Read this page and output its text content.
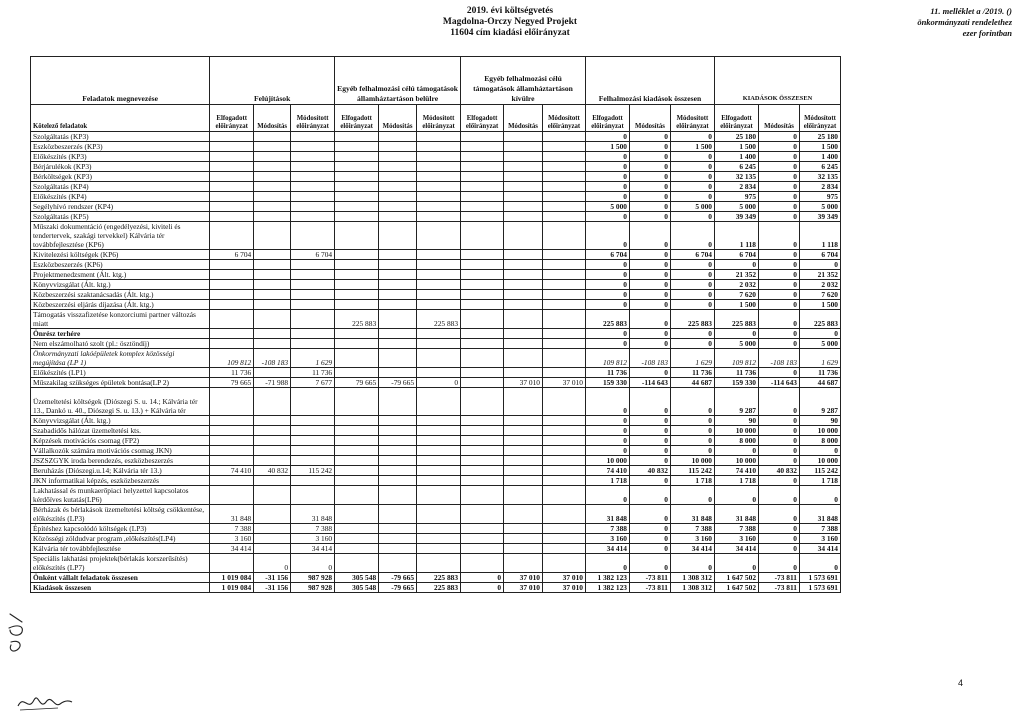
2019. évi költségvetés
Magdolna-Orczy Negyed Projekt
11604 cím kiadási előirányzat
11. melléklet a /2019. ()
önkormányzati rendelethez
ezer forintban
Feladatok megnevezése	Felújítások			Egyéb felhalmozási célú támogatások államháztartáson belülre			Egyéb felhalmozási célú támogatások államháztartáson kívülre			Felhalmozási kiadások összesen			KIADÁSOK ÖSSZESEN		
Kötelező feladatok	Elfogadott előirányzat	Módosítás	Módosított előirányzat	Elfogadott előirányzat	Módosítás	Módosított előirányzat	Elfogadott előirányzat	Módosítás	Módosított előirányzat	Elfogadott előirányzat	Módosítás	Módosított előirányzat	Elfogadott előirányzat	Módosítás	Módosított előirányzat
Szolgáltatás (KP3)										0	0	0	25 180	0	25 180
Eszközbeszerzés (KP3)										1 500	0	1 500	1 500	0	1 500
Előkészítés (KP3)										0	0	0	1 400	0	1 400
Bérjárulékok (KP3)										0	0	0	6 245	0	6 245
Bérköltségek (KP3)										0	0	0	32 135	0	32 135
Szolgáltatás (KP4)										0	0	0	2 834	0	2 834
Előkészítés (KP4)										0	0	0	975	0	975
Segélyhívó rendszer (KP4)										5 000	0	5 000	5 000	0	5 000
Szolgáltatás (KP5)										0	0	0	39 349	0	39 349
Műszaki dokumentáció (engedélyezési, kiviteli és tendertervek, szakági tervekkel) Kálvária tér továbbfejlesztése (KP6)										0	0	0	1 118	0	1 118
Kivitelezési költségek (KP6)	6 704		6 704							6 704	0	6 704	6 704	0	6 704
Eszközbeszerzés (KP6)										0	0	0	0	0	0
Projektmenedzsment (Ált. ktg.)										0	0	0	21 352	0	21 352
Könyvvizsgálat (Ált. ktg.)										0	0	0	2 032	0	2 032
Közbeszerzési szaktanácsadás (Ált. ktg.)										0	0	0	7 620	0	7 620
Közbeszerzési eljárás díjazása (Ált. ktg.)										0	0	0	1 500	0	1 500
Támogatás visszafizetése konzorciumi partner változás miatt				225 883		225 883				225 883	0	225 883	225 883	0	225 883
Önrész terhére										0	0	0	0	0	0
Nem elszámolható szolt (pl.: ösztöndíj)										0	0	0	5 000	0	5 000
Önkormányzati lakóépületek komplex közösségi megújítása (LP 1)	109 812	-108 183	1 629							109 812	-108 183	1 629	109 812	-108 183	1 629
Előkészítés (LP1)	11 736		11 736							11 736	0	11 736	11 736	0	11 736
Műszakilag szükséges épületek bontása(LP 2)	79 665	-71 988	7 677	79 665	-79 665	0		37 010	37 010	159 330	-114 643	44 687	159 330	-114 643	44 687
Üzemeltetési költségek (Diószegi S. u. 14.; Kálvária tér 13., Dankó u. 40., Diószegi S. u. 13.) + Kálvária tér										0	0	0	9 287	0	9 287
Könyvvizsgálat (Ált. ktg.)										0	0	0	90	0	90
Szabadidős hálózat üzemeltetési kts.										0	0	0	10 000	0	10 000
Képzések motivációs csomag (FP2)										0	0	0	8 000	0	8 000
Vállalkozók számára motivációs csomag JKN)										0	0	0	0	0	0
JSZSZGYK iroda berendezés, eszközbeszerzés										10 000	0	10 000	10 000	0	10 000
Beruházás (Diószegi.u.14; Kálvária tér 13.)	74 410	40 832	115 242							74 410	40 832	115 242	74 410	40 832	115 242
JKN informatikai képzés, eszközbeszerzés										1 718	0	1 718	1 718	0	1 718
Lakhatással és munkaerőpiaci helyzettel kapcsolatos kérdőíves kutatás(LP6)										0	0	0	0	0	0
Bérházak és bérlakások üzemeltetési költség csökkentése, előkészítés (LP3)	31 848		31 848							31 848	0	31 848	31 848	0	31 848
Építéshez kapcsolódó költségek (LP3)	7 388		7 388							7 388	0	7 388	7 388	0	7 388
Közösségi zöldudvar program ,előkészítés(LP4)	3 160		3 160							3 160	0	3 160	3 160	0	3 160
Kálvária tér továbbfejlesztése	34 414		34 414							34 414	0	34 414	34 414	0	34 414
Speciális lakhatási projektek(bérlakás korszerűsítés) előkészítés (LP7)		0	0							0	0	0	0	0	0
Önként vállalt feladatok összesen	1 019 084	-31 156	987 928	305 548	-79 665	225 883	0	37 010	37 010	1 382 123	-73 811	1 308 312	1 647 502	-73 811	1 573 691
Kiadások összesen	1 019 084	-31 156	987 928	305 548	-79 665	225 883	0	37 010	37 010	1 382 123	-73 811	1 308 312	1 647 502	-73 811	1 573 691
4
